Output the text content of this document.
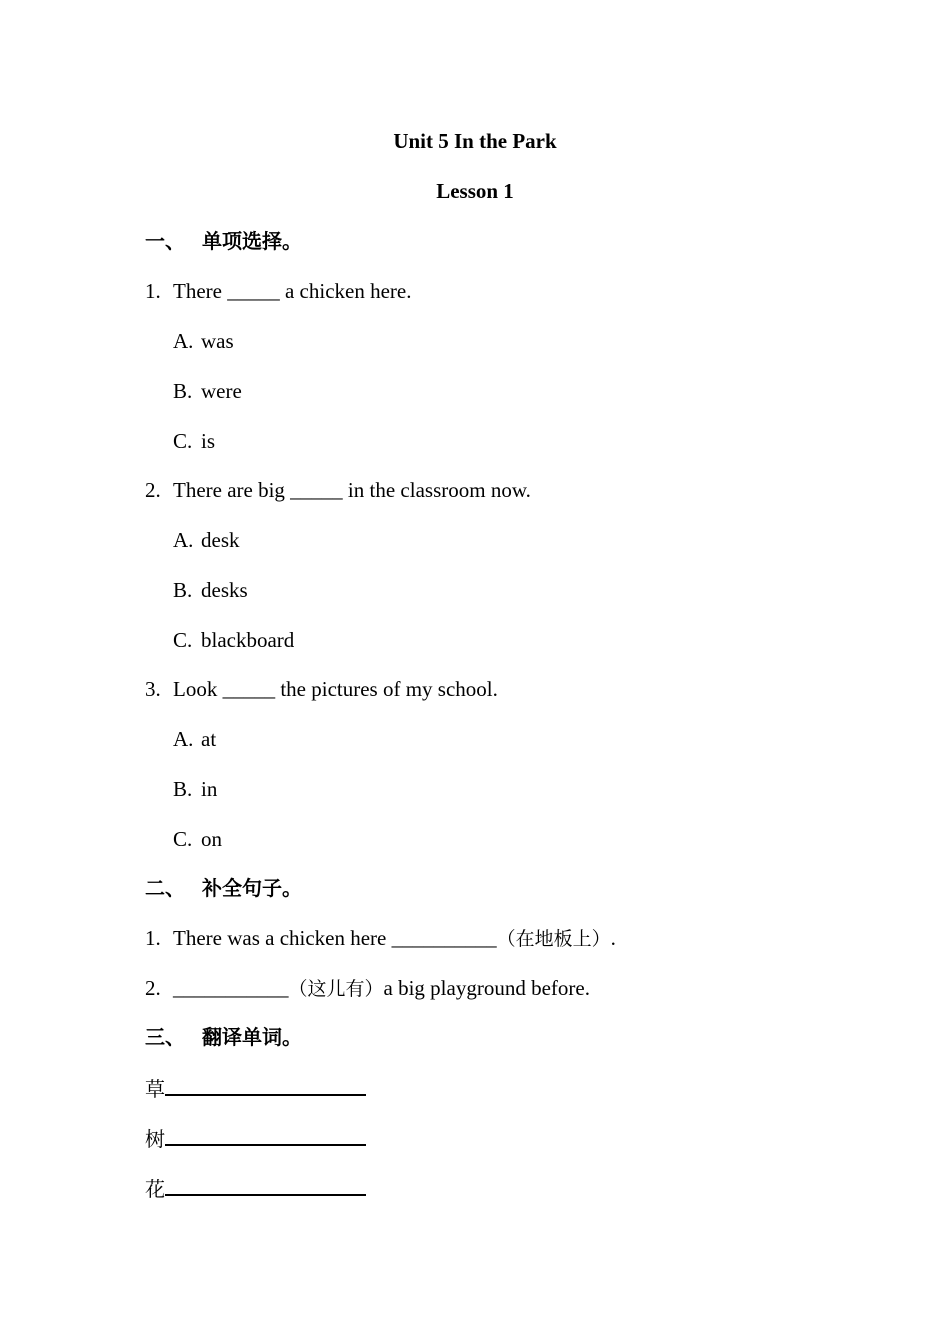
Unit 5 In the Park
Lesson 1
一、 单项选择。
1. There _____ a chicken here.
A. was
B. were
C. is
2. There are big _____ in the classroom now.
A. desk
B. desks
C. blackboard
3. Look _____ the pictures of my school.
A. at
B. in
C. on
二、 补全句子。
1. There was a chicken here __________（在地板上）.
2. ___________（这儿有）a big playground before.
三、 翻译单词。
草
树
花
